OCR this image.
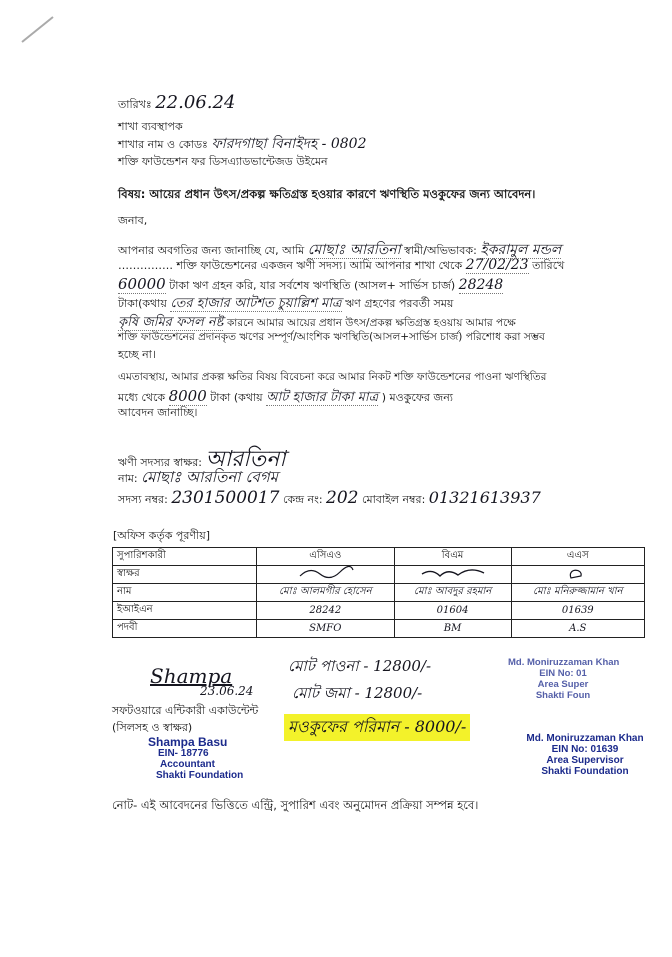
তারিখঃ 22.06.24
শাখা ব্যবস্থাপক
শাখার নাম ও কোডঃ ফারদগাছা বিনাইদহ - 0802
শক্তি ফাউন্ডেশন ফর ডিসএ্যাডভান্টেজড উইমেন
বিষয়: আয়ের প্রধান উৎস/প্রকল্প ক্ষতিগ্রস্ত হওয়ার কারণে ঋণস্থিতি মওকুফের জন্য আবেদন।
জনাব,
আপনার অবগতির জন্য জানাচ্ছি যে, আমি মোছাঃ আরতিনা স্বামী/অভিভাবক: ইকরামুল মন্ডল
…………… শক্তি ফাউন্ডেশনের একজন ঋণী সদস্য। আমি আপনার শাখা থেকে 27/02/23 তারিখে
60000 টাকা ঋণ গ্রহন করি, যার সর্বশেষ ঋণস্থিতি (আসল+ সার্ভিস চার্জ) 28248
টাকা(কথায় তের হাজার আটশত চুয়াল্লিশ মাত্র ঋণ গ্রহণের পরবর্তী সময়
কৃষি জমির ফসল নষ্ট কারনে আমার আয়ের প্রধান উৎস/প্রকল্প ক্ষতিগ্রস্ত হওয়ায় আমার পক্ষে
শক্তি ফাউন্ডেশনের প্রদানকৃত ঋণের সম্পূর্ণ/আংশিক ঋণস্থিতি(আসল+সার্ভিস চার্জ) পরিশোধ করা সম্ভব
হচ্ছে না।
এমতাবস্থায়, আমার প্রকল্প ক্ষতির বিষয় বিবেচনা করে আমার নিকট শক্তি ফাউন্ডেশনের পাওনা ঋণস্থিতির
মধ্যে থেকে 8000 টাকা (কথায় আট হাজার টাকা মাত্র ) মওকুফের জন্য
আবেদন জানাচ্ছি।
ঋণী সদস্যর স্বাক্ষর: আরতিনা
নাম: মোছাঃ আরতিনা বেগম
সদস্য নম্বর: 2301500017 কেন্দ্র নং: 202 মোবাইল নম্বর: 01321613937
[অফিস কর্তৃক পূরণীয়]
সুপারিশকারী	এসিএও	বিএম	এএস
স্বাক্ষর			
নাম	মোঃ আলমগীর হোসেন	মোঃ আবদুর রহমান	মোঃ মনিরুজ্জামান খান
ইআইএন	28242	01604	01639
পদবী	SMFO	BM	A.S
মোট পাওনা - 12800/-
মোট জমা - 12800/-
মওকুফের পরিমান - 8000/-
Shampa
23.06.24
সফটওয়ারে এন্টিকারী একাউন্টেন্ট
(সিলসহ ও স্বাক্ষর)
Shampa Basu
EIN- 18776
Accountant
Shakti Foundation
Md. Moniruzzaman Khan
EIN No: 01
Area Super
Shakti Foun
Md. Moniruzzaman Khan
EIN No: 01639
Area Supervisor
Shakti Foundation
নোট- এই আবেদনের ভিত্তিতে এন্ট্রি, সুপারিশ এবং অনুমোদন প্রক্রিয়া সম্পন্ন হবে।
